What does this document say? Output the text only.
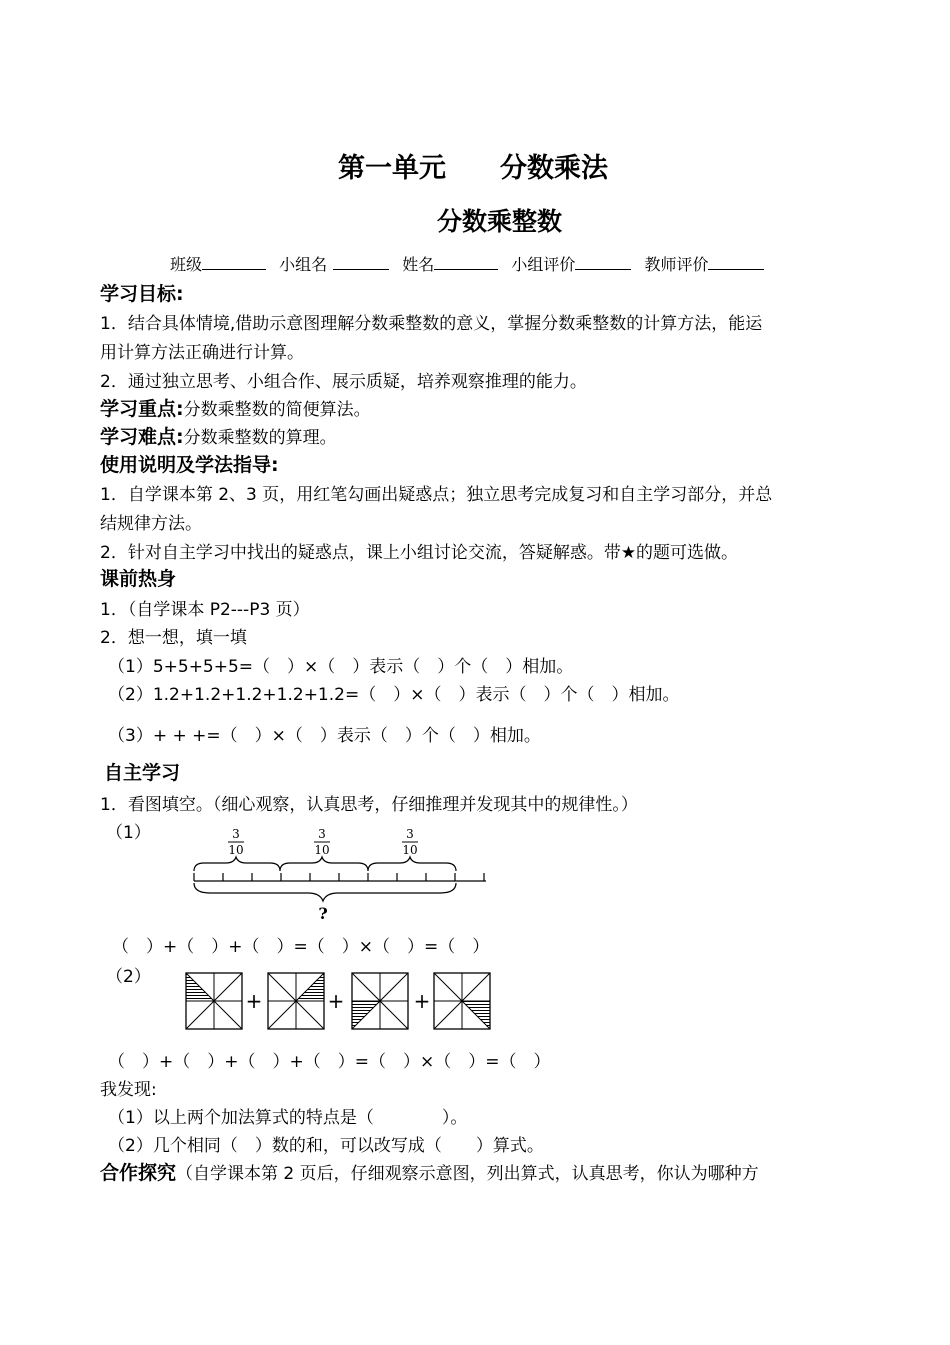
第一单元　　分数乘法
分数乘整数
班级	小组名	姓名	小组评价	教师评价
学习目标:
1．结合具体情境,借助示意图理解分数乘整数的意义，掌握分数乘整数的计算方法，能运
用计算方法正确进行计算。
2．通过独立思考、小组合作、展示质疑，培养观察推理的能力。
学习重点:分数乘整数的简便算法。
学习难点:分数乘整数的算理。
使用说明及学法指导:
1．自学课本第 2、3 页，用红笔勾画出疑惑点；独立思考完成复习和自主学习部分，并总
结规律方法。
2．针对自主学习中找出的疑惑点，课上小组讨论交流，答疑解惑。带★的题可选做。
课前热身
1．（自学课本 P2---P3 页）
2．想一想，填一填
（1）5+5+5+5=（　）×（　）表示（　）个（　）相加。
（2）1.2+1.2+1.2+1.2+1.2=（　）×（　）表示（　）个（　）相加。
（3）+ + +=（　）×（　）表示（　）个（　）相加。
自主学习
1．看图填空。（细心观察，认真思考，仔细推理并发现其中的规律性。）
（1）	3
10
3
10
3
10
?
（　）+（　）+（　）=（　）×（　）=（　）
（2）
+	+	+
（　）+（　）+（　）+（　）=（　）×（　）=（　）
我发现:
（1）以上两个加法算式的特点是（　　　　）。
（2）几个相同（　）数的和，可以改写成（　　）算式。
合作探究（自学课本第 2 页后，仔细观察示意图，列出算式，认真思考，你认为哪种方
